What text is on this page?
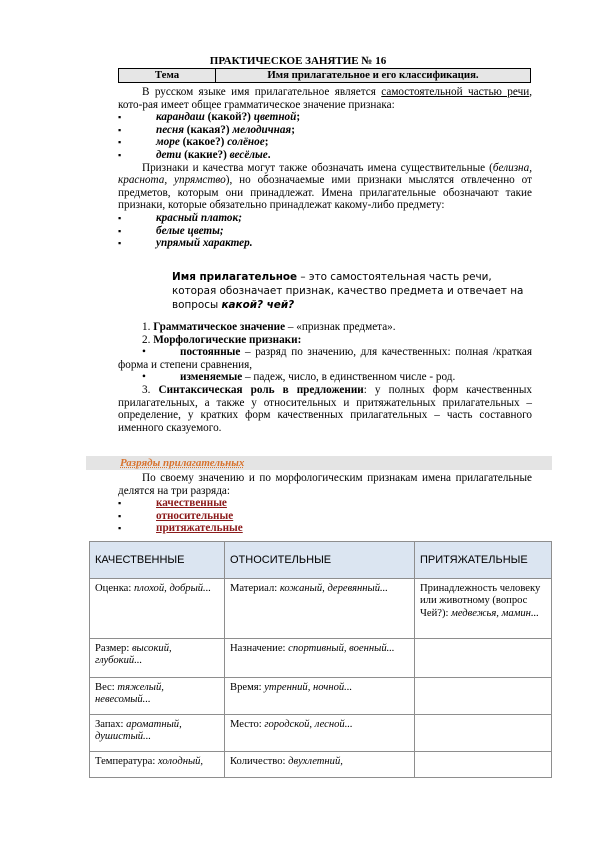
ПРАКТИЧЕСКОЕ ЗАНЯТИЕ № 16
Тема	Имя прилагательное и его классификация.

В русском языке имя прилагательное является самостоятельной частью речи, кото-рая имеет общее грамматическое значение признака:

▪ карандаш (какой?) цветной;
▪ песня (какая?) мелодичная;
▪ море (какое?) солёное;
▪ дети (какие?) весёлые.

Признаки и качества могут также обозначать имена существительные (белизна, краснота, упрямство), но обозначаемые ими признаки мыслятся отвлеченно от предметов, которым они принадлежат. Имена прилагательные обозначают такие признаки, которые обязательно принадлежат какому-либо предмету:

▪ красный платок;
▪ белые цветы;
▪ упрямый характер.
Имя прилагательное – это самостоятельная часть речи, которая обозначает признак, качество предмета и отвечает на вопросы какой? чей?

1. Грамматическое значение – «признак предмета».

2. Морфологические признаки:

•	постоянные – разряд по значению, для качественных: полная /краткая форма и степени сравнения,

•	изменяемые – падеж, число, в единственном числе - род.

3. Синтаксическая роль в предложении: у полных форм качественных прилагательных, а также у относительных и притяжательных прилагательных – определение, у кратких форм качественных прилагательных – часть составного именного сказуемого.

Разряды прилагательных

По своему значению и по морфологическим признакам имена прилагательные делятся на три разряда:

▪ качественные
▪ относительные
▪ притяжательные
КАЧЕСТВЕННЫЕ	ОТНОСИТЕЛЬНЫЕ	ПРИТЯЖАТЕЛЬНЫЕ
Оценка: плохой, добрый...	Материал: кожаный, деревянный...	Принадлежность человеку или животному (вопрос Чей?): медвежья, мамин...
Размер: высокий, глубокий...	Назначение: спортивный, военный...	
Вес: тяжелый, невесомый...	Время: утренний, ночной...	
Запах: ароматный, душистый...	Место: городской, лесной...	
Температура: холодный,	Количество: двухлетний,	
